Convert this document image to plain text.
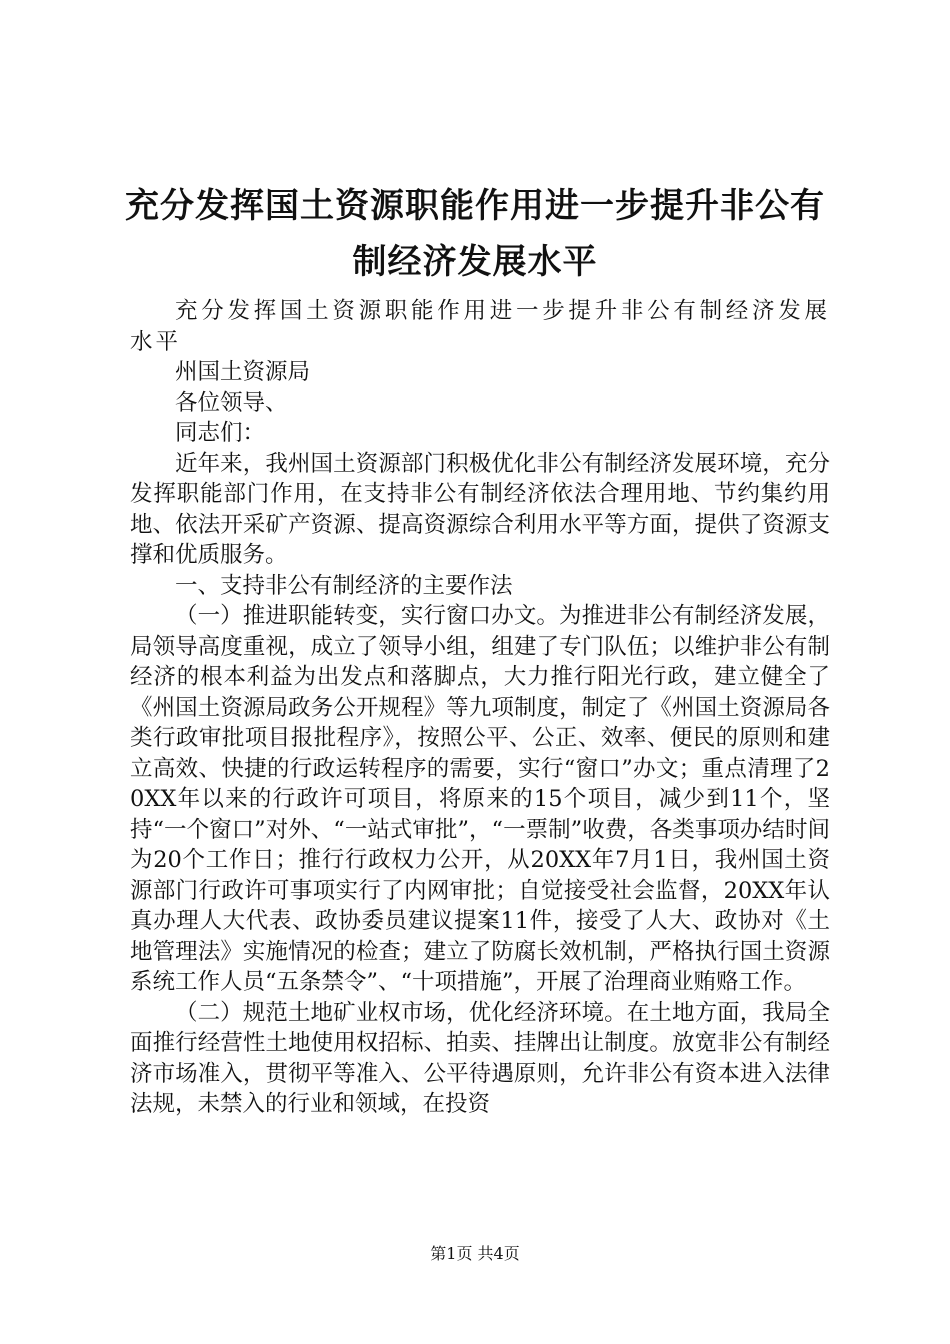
充分发挥国土资源职能作用进一步提升非公有制经济发展水平

充分发挥国土资源职能作用进一步提升非公有制经济发展水平

州国土资源局

各位领导、

同志们：

近年来，我州国土资源部门积极优化非公有制经济发展环境，充分发挥职能部门作用，在支持非公有制经济依法合理用地、节约集约用地、依法开采矿产资源、提高资源综合利用水平等方面，提供了资源支撑和优质服务。

一、支持非公有制经济的主要作法

（一）推进职能转变，实行窗口办文。为推进非公有制经济发展，局领导高度重视，成立了领导小组，组建了专门队伍；以维护非公有制经济的根本利益为出发点和落脚点，大力推行阳光行政，建立健全了《州国土资源局政务公开规程》等九项制度，制定了《州国土资源局各类行政审批项目报批程序》，按照公平、公正、效率、便民的原则和建立高效、快捷的行政运转程序的需要，实行“窗口”办文；重点清理了20XX年以来的行政许可项目，将原来的15个项目，减少到11个，坚持“一个窗口”对外、“一站式审批”，“一票制”收费，各类事项办结时间为20个工作日；推行行政权力公开，从20XX年7月1日，我州国土资源部门行政许可事项实行了内网审批；自觉接受社会监督，20XX年认真办理人大代表、政协委员建议提案11件，接受了人大、政协对《土地管理法》实施情况的检查；建立了防腐长效机制，严格执行国土资源系统工作人员“五条禁令”、“十项措施”，开展了治理商业贿赂工作。

（二）规范土地矿业权市场，优化经济环境。在土地方面，我局全面推行经营性土地使用权招标、拍卖、挂牌出让制度。放宽非公有制经济市场准入，贯彻平等准入、公平待遇原则，允许非公有资本进入法律法规，未禁入的行业和领域，在投资

第1页 共4页
